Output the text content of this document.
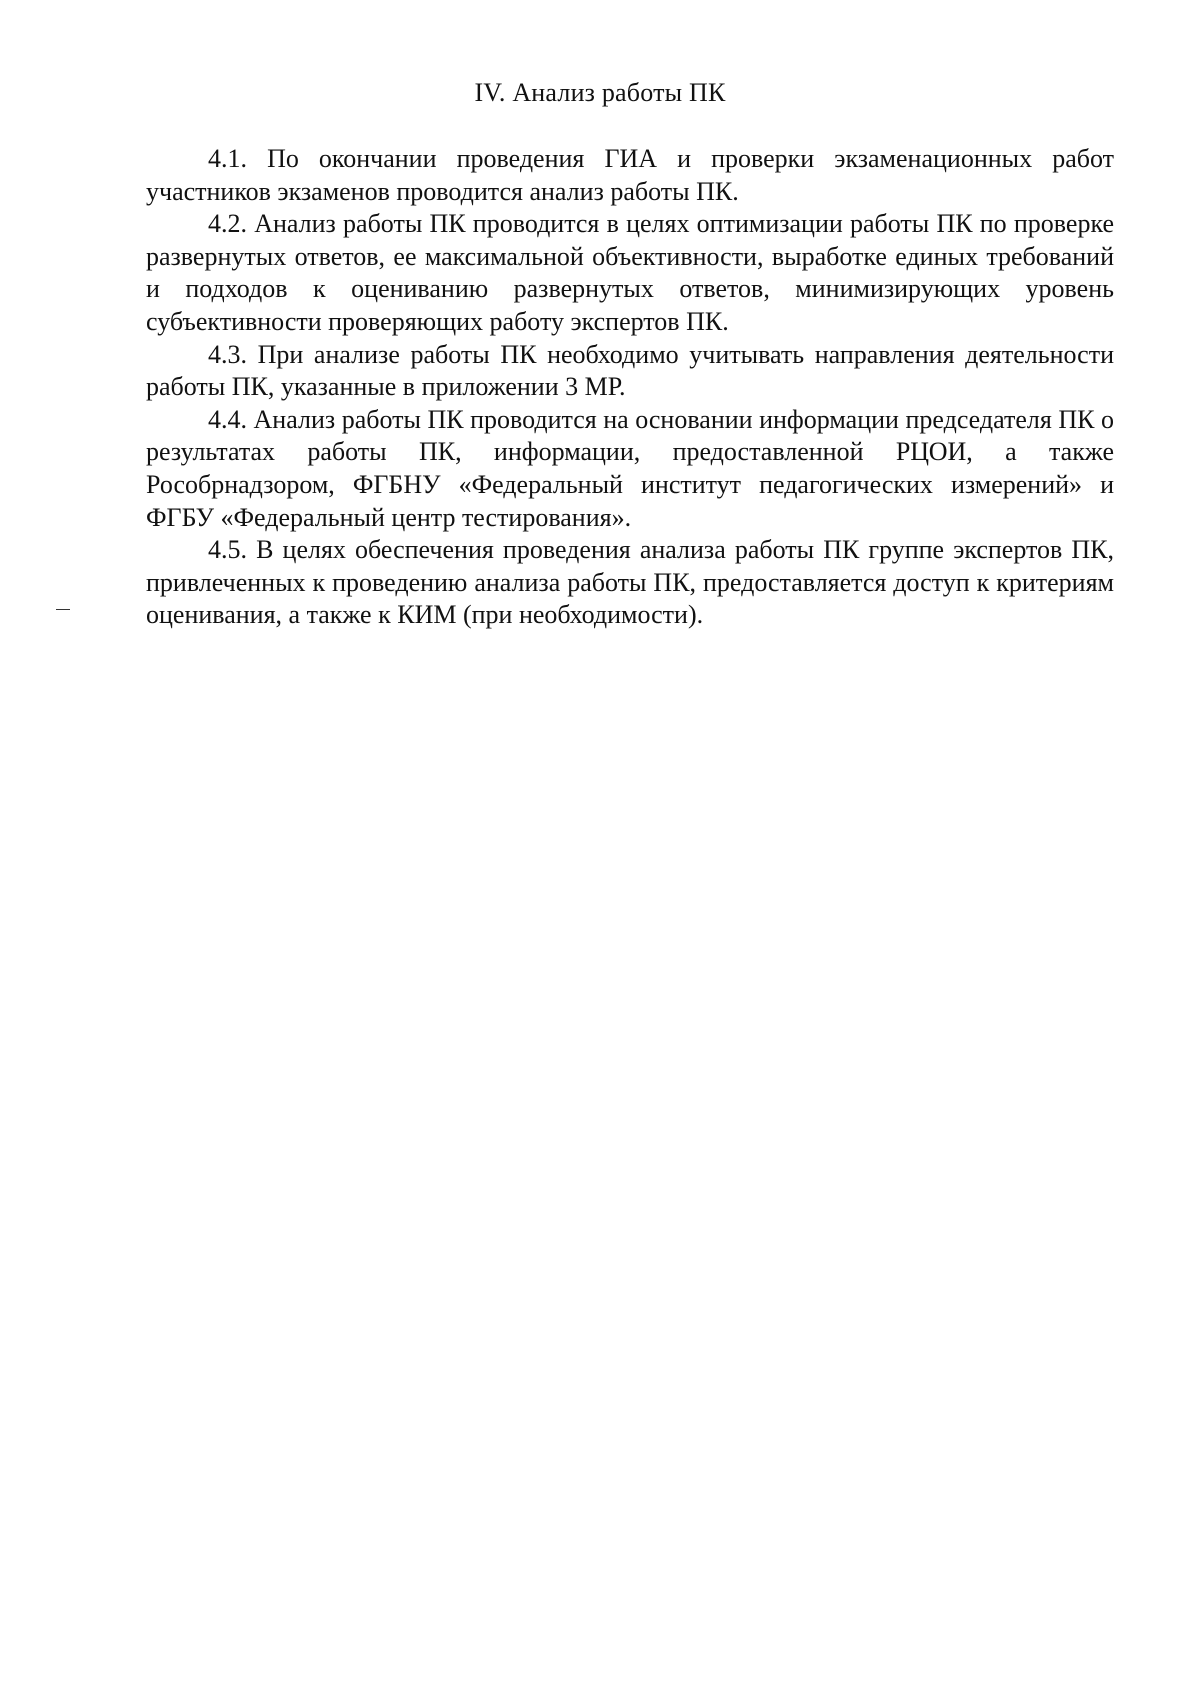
IV. Анализ работы ПК

4.1. По окончании проведения ГИА и проверки экзаменационных работ участников экзаменов проводится анализ работы ПК.

4.2. Анализ работы ПК проводится в целях оптимизации работы ПК по проверке развернутых ответов, ее максимальной объективности, выработке единых требований и подходов к оцениванию развернутых ответов, минимизирующих уровень субъективности проверяющих работу экспертов ПК.

4.3. При анализе работы ПК необходимо учитывать направления деятельности работы ПК, указанные в приложении 3 МР.

4.4. Анализ работы ПК проводится на основании информации председателя ПК о результатах работы ПК, информации, предоставленной РЦОИ, а также Рособрнадзором, ФГБНУ «Федеральный институт педагогических измерений» и ФГБУ «Федеральный центр тестирования».

4.5. В целях обеспечения проведения анализа работы ПК группе экспертов ПК, привлеченных к проведению анализа работы ПК, предоставляется доступ к критериям оценивания, а также к КИМ (при необходимости).
